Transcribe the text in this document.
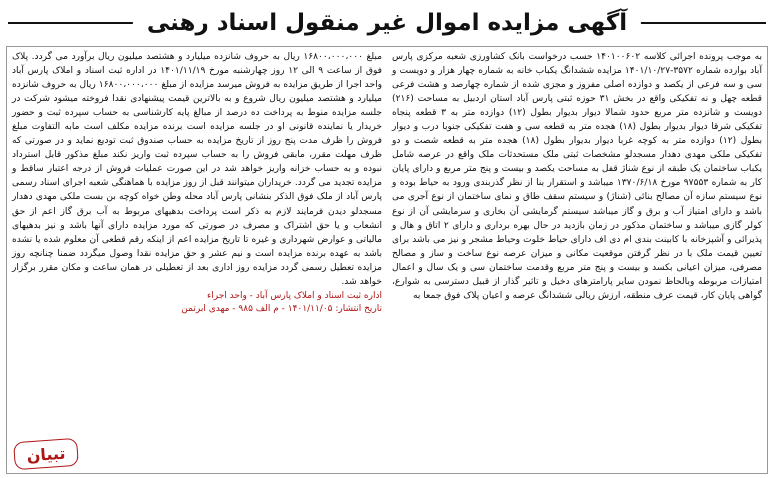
آگهی مزایده اموال غیر منقول اسناد رهنی

به موجب پرونده اجرائی کلاسه ۱۴۰۱۰۰۶۰۲ حسب درخواست بانک کشاورزی شعبه مرکزی پارس آباد بوارده شماره ۳۵۷۲-۱۴۰۱/۱۰/۲۷ مزایده ششدانگ یکباب خانه به شماره چهار هزار و دویست و سی و سه فرعی از یکصد و دوازده اصلی مفروز و مجزی شده از شماره چهارصد و هشت فرعی قطعه چهل و نه تفکیکی واقع در بخش ۳۱ حوزه ثبتی پارس آباد استان اردبیل به مساحت (۲۱۶) دویست و شانزده متر مربع حدود شمالا دیوار بدیوار بطول (۱۲) دوازده متر به ۳ قطعه پنجاه تفکیکی شرقا دیوار بدیوار بطول (۱۸) هجده متر به قطعه سی و هفت تفکیکی جنوبا درب و دیوار بطول (۱۲) دوازده متر به کوچه غربا دیوار بدیوار بطول (۱۸) هجده متر به قطعه شصت و دو تفکیکی ملکی مهدی دهدار مسجدلو مشخصات ثبتی ملک مستحدثات ملک واقع در عرصه شامل یکباب ساختمان یک طبقه از نوع شناژ قفل به مساحت یکصد و بیست و پنج متر مربع و دارای پایان کار به شماره ۹۷۵۵۳ مورخ ۱۳۷۰/۶/۱۸ میباشد و استقرار بنا از نظر گذربندی ورود به حیاط بوده و نوع سیستم سازه آن مصالح بنائی (شناژ) و سیستم سقف طاق و نمای ساختمان از نوع آجری می باشد و دارای امتیاز آب و برق و گاز میباشد سیستم گرمایشی آن بخاری و سرمایشی آن از نوع کولر گازی میباشد و ساختمان مذکور در زمان بازدید در حال بهره برداری و دارای ۲ اتاق و هال و پذیرائی و آشپزخانه با کابینت بندی ام دی اف دارای حیاط خلوت وحیاط مشجر و نیز می باشد برای تعیین قیمت ملک با در نظر گرفتن موقعیت مکانی و میزان عرصه نوع ساخت و ساز و مصالح مصرفی، میزان اعیانی بکسد و بیست و پنج متر مربع وقدمت ساختمان سی و یک سال و اعمال امتیازات مربوطه وبالحاظ نمودن سایر پارامترهای دخیل و تاثیر گذار از قبیل دسترسی به شوارع، گواهی پایان کار، قیمت عرف منطقه، ارزش ریالی ششدانگ عرصه و اعیان پلاک فوق جمعا به

مبلغ ۱۶۸۰۰،۰۰۰،۰۰۰ ریال به حروف شانزده میلیارد و هشتصد میلیون ریال برآورد می گردد. پلاک فوق از ساعت ۹ الی ۱۲ روز چهارشنبه مورخ ۱۴۰۱/۱۱/۱۹ در اداره ثبت اسناد و املاک پارس آباد واحد اجرا از طریق مزایده به فروش میرسد مزایده از مبلغ ۱۶۸۰۰،۰۰۰،۰۰۰ ریال به حروف شانزده میلیارد و هشتصد میلیون ریال شروع و به بالاترین قیمت پیشنهادی نقدا فروخته میشود شرکت در جلسه مزایده منوط به پرداخت ده درصد از مبالغ پایه کارشناسی به حساب سپرده ثبت و حضور خریدار یا نماینده قانونی او در جلسه مزایده است برنده مزایده مکلف است مابه التفاوت مبلغ فروش را ظرف مدت پنج روز از تاریخ مزایده به حساب صندوق ثبت تودیع نماید و در صورتی که ظرف مهلت مقرر، مابقی فروش را به حساب سپرده ثبت واریز نکند مبلغ مذکور قابل استرداد نبوده و به حساب خزانه واریز خواهد شد در این صورت عملیات فروش از درجه اعتبار ساقط و مزایده تجدید می گردد. خریداران میتوانند قبل از روز مزایده با هماهنگی شعبه اجرای اسناد رسمی پارس آباد از ملک فوق الذکر بنشانی پارس آباد محله وطن خواه کوچه بن بست ملکی مهدی دهدار مسجدلو دیدن فرمایند لازم به ذکر است پرداخت بدهیهای مربوط به آب برق گاز اعم از حق انشعاب و یا حق اشتراک و مصرف در صورتی که مورد مزایده دارای آنها باشد و نیز بدهیهای مالیاتی و عوارض شهرداری و غیره تا تاریخ مزایده اعم از اینکه رقم قطعی آن معلوم شده یا نشده باشد به عهده برنده مزایده است و نیم عشر و حق مزایده نقدا وصول میگردد ضمنا چنانچه روز مزایده تعطیل رسمی گردد مزایده روز اداری بعد از تعطیلی در همان ساعت و مکان مقرر برگزار خواهد شد.

اداره ثبت اسناد و املاک پارس آباد - واحد اجراء
تاریخ انتشار: ۱۴۰۱/۱۱/۰۵ - م الف ۹۸۵ - مهدی ابرتمن
تبیان
